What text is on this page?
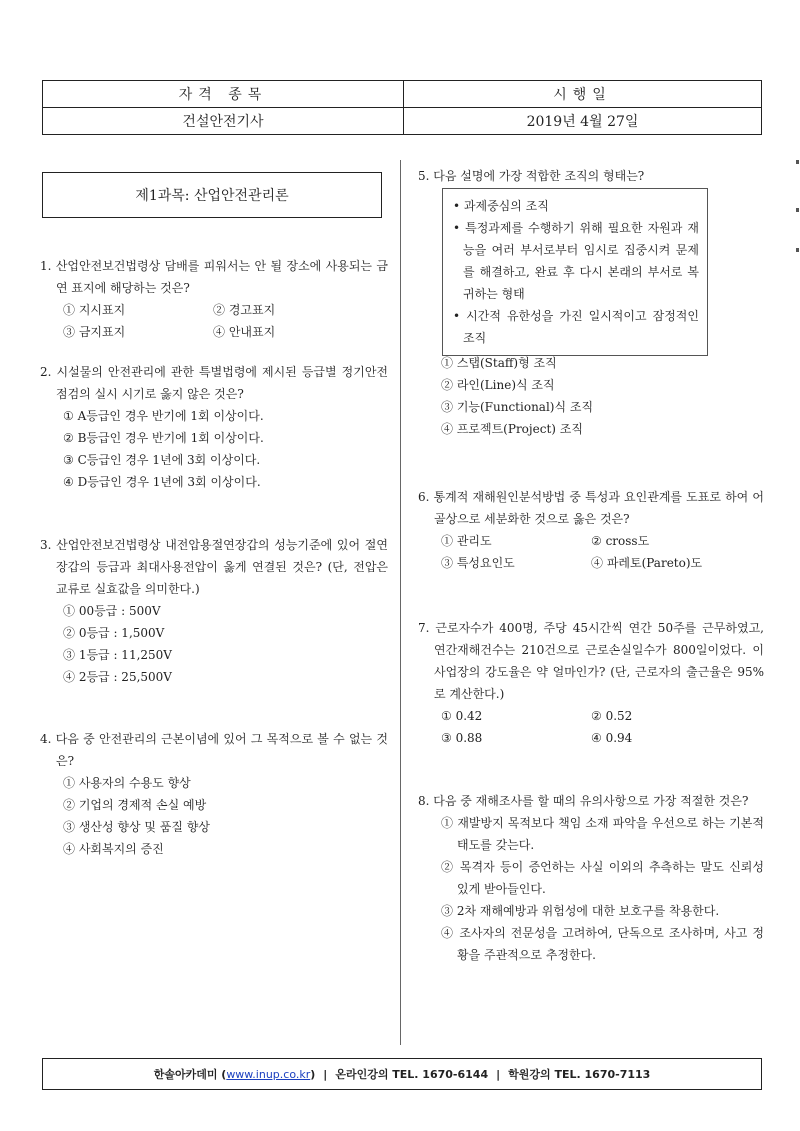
자격 종목	시행일
건설안전기사	2019년 4월 27일
제1과목: 산업안전관리론
1. 산업안전보건법령상 담배를 피워서는 안 될 장소에 사용되는 금연 표지에 해당하는 것은?
① 지시표지	② 경고표지
③ 금지표지	④ 안내표지
2. 시설물의 안전관리에 관한 특별법령에 제시된 등급별 정기안전점검의 실시 시기로 옳지 않은 것은?
① A등급인 경우 반기에 1회 이상이다.
② B등급인 경우 반기에 1회 이상이다.
③ C등급인 경우 1년에 3회 이상이다.
④ D등급인 경우 1년에 3회 이상이다.
3. 산업안전보건법령상 내전압용절연장갑의 성능기준에 있어 절연장갑의 등급과 최대사용전압이 옳게 연결된 것은? (단, 전압은 교류로 실효값을 의미한다.)
① 00등급 : 500V
② 0등급 : 1,500V
③ 1등급 : 11,250V
④ 2등급 : 25,500V
4. 다음 중 안전관리의 근본이념에 있어 그 목적으로 볼 수 없는 것은?
① 사용자의 수용도 향상
② 기업의 경제적 손실 예방
③ 생산성 향상 및 품질 향상
④ 사회복지의 증진
5. 다음 설명에 가장 적합한 조직의 형태는?
• 과제중심의 조직
• 특정과제를 수행하기 위해 필요한 자원과 재능을 여러 부서로부터 임시로 집중시켜 문제를 해결하고, 완료 후 다시 본래의 부서로 복귀하는 형태
• 시간적 유한성을 가진 일시적이고 잠정적인 조직
① 스탭(Staff)형 조직
② 라인(Line)식 조직
③ 기능(Functional)식 조직
④ 프로젝트(Project) 조직
6. 통계적 재해원인분석방법 중 특성과 요인관계를 도표로 하여 어골상으로 세분화한 것으로 옳은 것은?
① 관리도	② cross도
③ 특성요인도	④ 파레토(Pareto)도
7. 근로자수가 400명, 주당 45시간씩 연간 50주를 근무하였고, 연간재해건수는 210건으로 근로손실일수가 800일이었다. 이 사업장의 강도율은 약 얼마인가? (단, 근로자의 출근율은 95%로 계산한다.)
① 0.42	② 0.52
③ 0.88	④ 0.94
8. 다음 중 재해조사를 할 때의 유의사항으로 가장 적절한 것은?
① 재발방지 목적보다 책임 소재 파악을 우선으로 하는 기본적 태도를 갖는다.
② 목격자 등이 증언하는 사실 이외의 추측하는 말도 신뢰성 있게 받아들인다.
③ 2차 재해예방과 위험성에 대한 보호구를 착용한다.
④ 조사자의 전문성을 고려하여, 단독으로 조사하며, 사고 정황을 주관적으로 추정한다.
한솔아카데미 ( www.inup.co.kr ) | 온라인강의 TEL. 1670-6144 | 학원강의 TEL. 1670-7113
